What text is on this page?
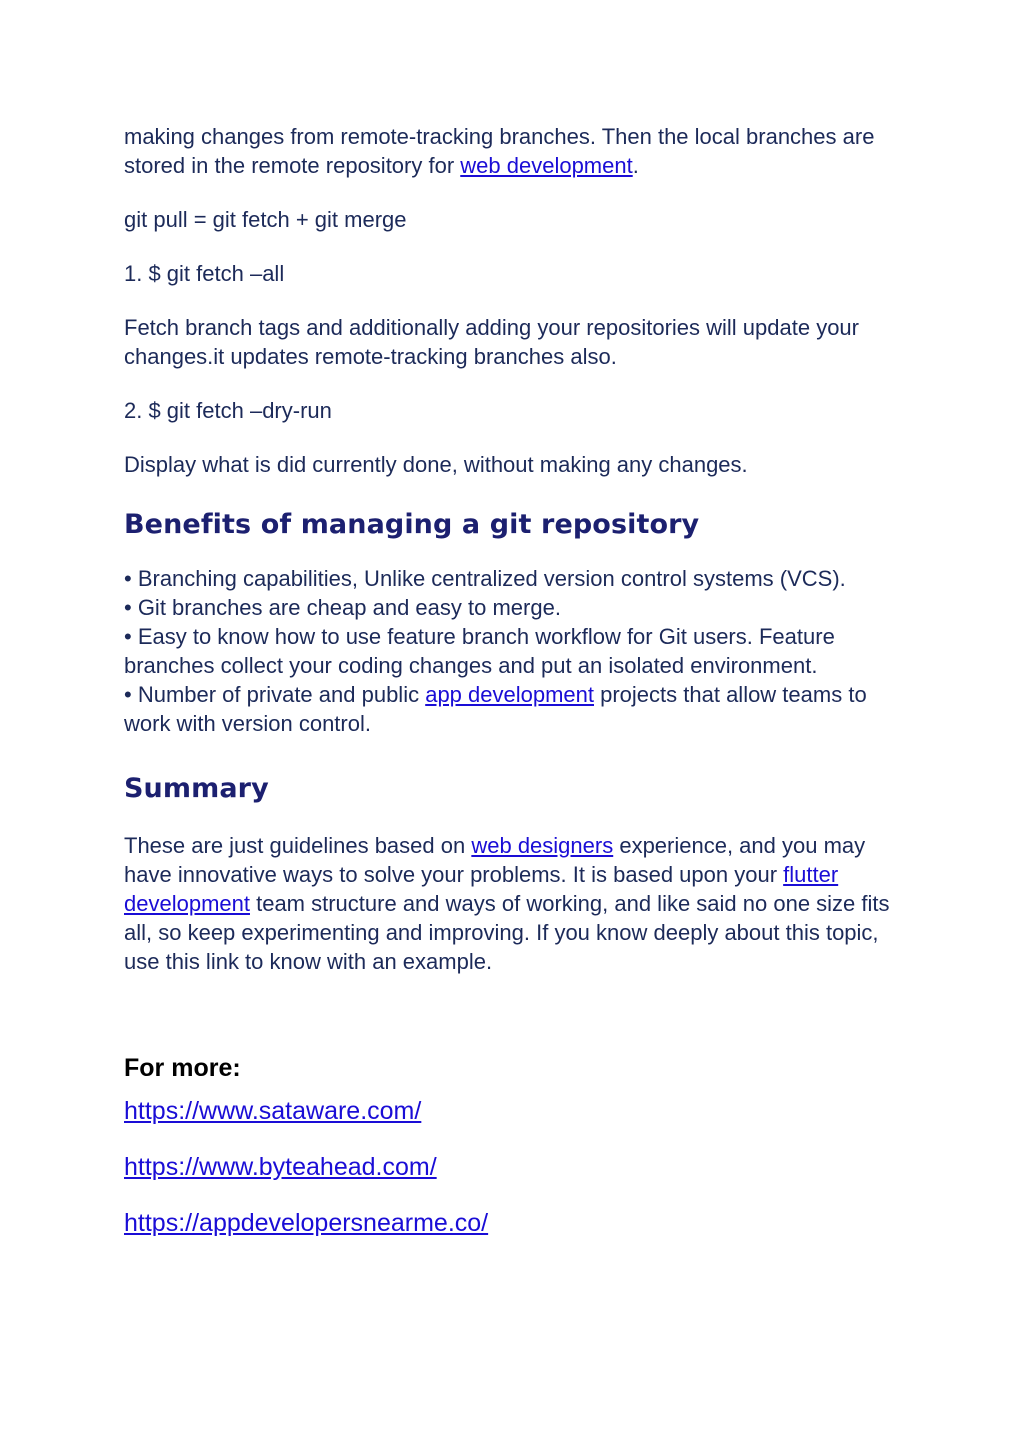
making changes from remote-tracking branches. Then the local branches are stored in the remote repository for web development.

git pull = git fetch + git merge

1. $ git fetch –all

Fetch branch tags and additionally adding your repositories will update your changes.it updates remote-tracking branches also.

2. $ git fetch –dry-run

Display what is did currently done, without making any changes.

Benefits of managing a git repository
• Branching capabilities, Unlike centralized version control systems (VCS).
• Git branches are cheap and easy to merge.
• Easy to know how to use feature branch workflow for Git users. Feature branches collect your coding changes and put an isolated environment.
• Number of private and public app development projects that allow teams to work with version control.
Summary

These are just guidelines based on web designers experience, and you may have innovative ways to solve your problems. It is based upon your flutter development team structure and ways of working, and like said no one size fits all, so keep experimenting and improving. If you know deeply about this topic, use this link to know with an example.

For more:

https://www.sataware.com/
https://www.byteahead.com/
https://appdevelopersnearme.co/
